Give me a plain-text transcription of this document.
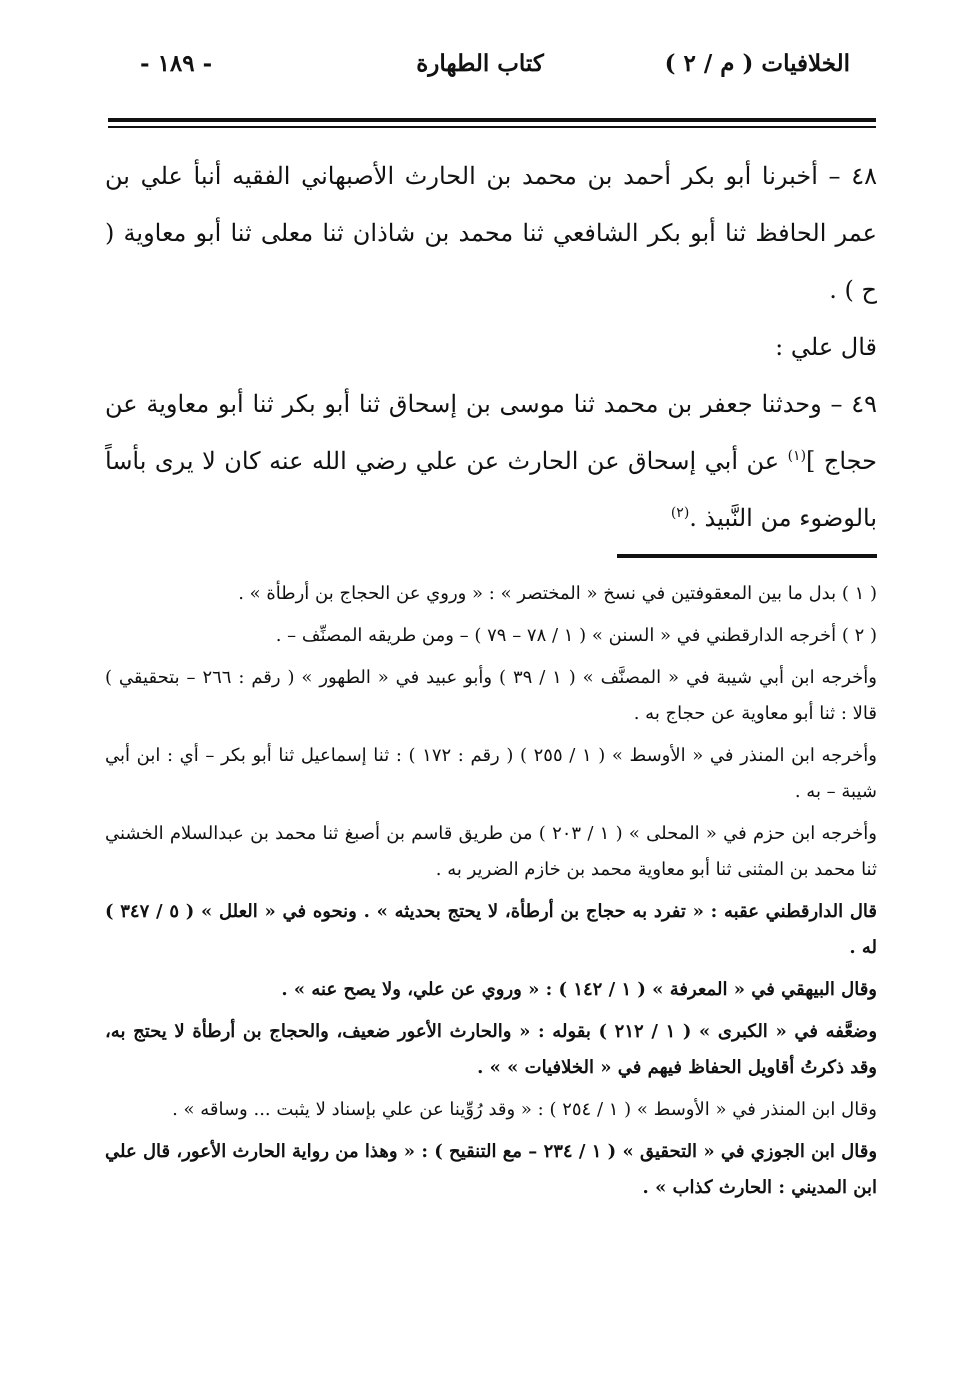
الخلافيات ( م / ٢ )
كتاب الطهارة
- ١٨٩ -

٤٨ – أخبرنا أبو بكر أحمد بن محمد بن الحارث الأصبهاني الفقيه أنبأ علي بن عمر الحافظ ثنا أبو بكر الشافعي ثنا محمد بن شاذان ثنا معلى ثنا أبو معاوية ( ح ) .

قال علي :

٤٩ – وحدثنا جعفر بن محمد ثنا موسى بن إسحاق ثنا أبو بكر ثنا أبو معاوية عن حجاج ]$^{(١)}$ عن أبي إسحاق عن الحارث عن علي رضي الله عنه كان لا يرى بأساً بالوضوء من النَّبيذ .$^{(٢)}$

( ١ ) بدل ما بين المعقوفتين في نسخ « المختصر » : « وروي عن الحجاج بن أرطأة » .

( ٢ ) أخرجه الدارقطني في « السنن » ( ١ / ٧٨ – ٧٩ ) – ومن طريقه المصنِّف – .

وأخرجه ابن أبي شيبة في « المصنَّف » ( ١ / ٣٩ ) وأبو عبيد في « الطهور » ( رقم : ٢٦٦ – بتحقيقي ) قالا : ثنا أبو معاوية عن حجاج به .

وأخرجه ابن المنذر في « الأوسط » ( ١ / ٢٥٥ ) ( رقم : ١٧٢ ) : ثنا إسماعيل ثنا أبو بكر – أي : ابن أبي شيبة – به .

وأخرجه ابن حزم في « المحلى » ( ١ / ٢٠٣ ) من طريق قاسم بن أصبغ ثنا محمد بن عبدالسلام الخشني ثنا محمد بن المثنى ثنا أبو معاوية محمد بن خازم الضرير به .

قال الدارقطني عقبه : « تفرد به حجاج بن أرطأة، لا يحتج بحديثه » . ونحوه في « العلل » ( ٥ / ٣٤٧ ) له .

وقال البيهقي في « المعرفة » ( ١ / ١٤٢ ) : « وروي عن علي، ولا يصح عنه » .

وضعَّفه في « الكبرى » ( ١ / ٢١٢ ) بقوله : « والحارث الأعور ضعيف، والحجاج بن أرطأة لا يحتج به، وقد ذكرتُ أقاويل الحفاظ فيهم في « الخلافيات » » .

وقال ابن المنذر في « الأوسط » ( ١ / ٢٥٤ ) : « وقد رُوِّينا عن علي بإسناد لا يثبت ... وساقه » .

وقال ابن الجوزي في « التحقيق » ( ١ / ٢٣٤ – مع التنقيح ) : « وهذا من رواية الحارث الأعور، قال علي ابن المديني : الحارث كذاب » .
